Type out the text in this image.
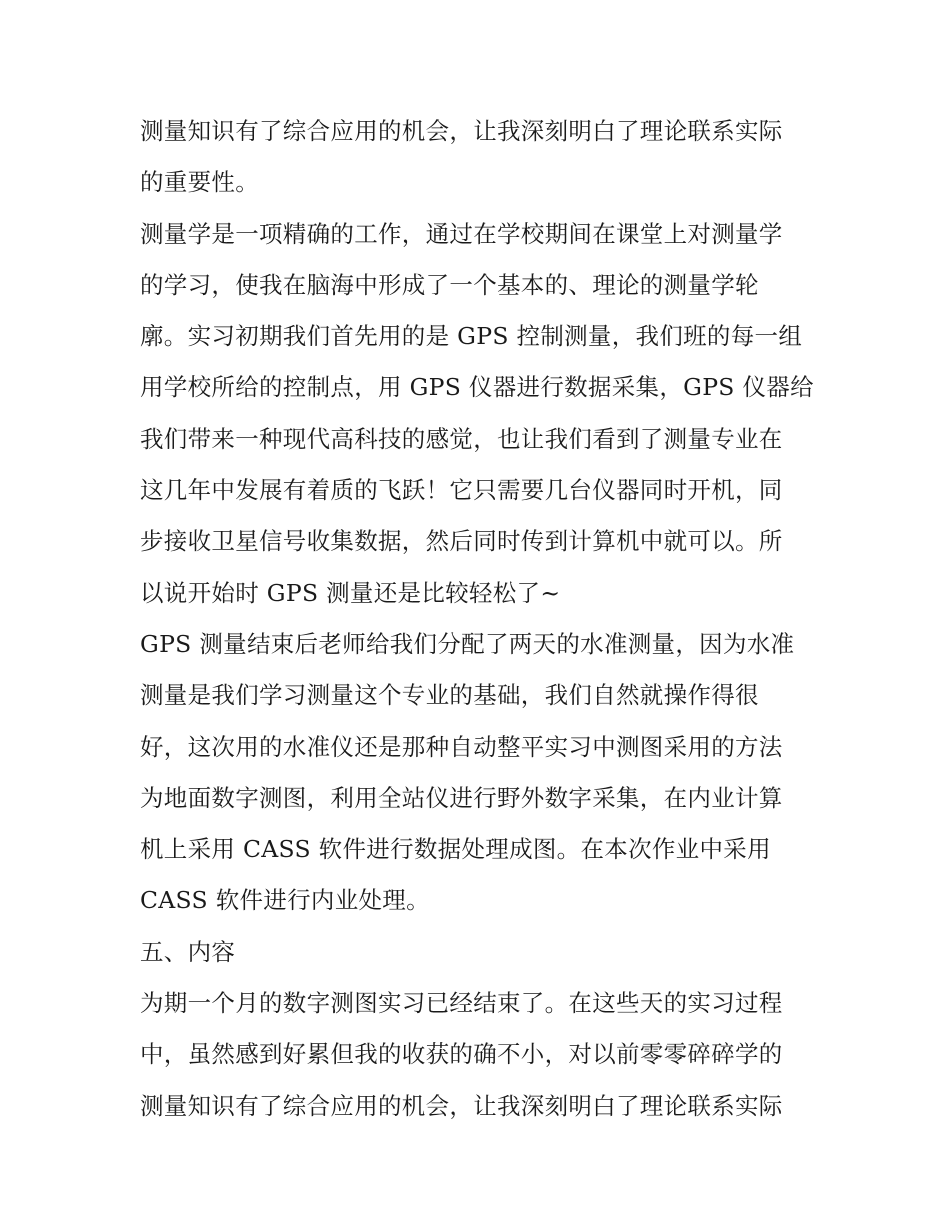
测量知识有了综合应用的机会，让我深刻明白了理论联系实际
的重要性。
测量学是一项精确的工作，通过在学校期间在课堂上对测量学
的学习，使我在脑海中形成了一个基本的、理论的测量学轮
廓。实习初期我们首先用的是 GPS 控制测量，我们班的每一组
用学校所给的控制点，用 GPS 仪器进行数据采集，GPS 仪器给
我们带来一种现代高科技的感觉，也让我们看到了测量专业在
这几年中发展有着质的飞跃！它只需要几台仪器同时开机，同
步接收卫星信号收集数据，然后同时传到计算机中就可以。所
以说开始时 GPS 测量还是比较轻松了~
GPS 测量结束后老师给我们分配了两天的水准测量，因为水准
测量是我们学习测量这个专业的基础，我们自然就操作得很
好，这次用的水准仪还是那种自动整平实习中测图采用的方法
为地面数字测图，利用全站仪进行野外数字采集，在内业计算
机上采用 CASS 软件进行数据处理成图。在本次作业中采用
CASS 软件进行内业处理。
五、内容
为期一个月的数字测图实习已经结束了。在这些天的实习过程
中，虽然感到好累但我的收获的确不小，对以前零零碎碎学的
测量知识有了综合应用的机会，让我深刻明白了理论联系实际
